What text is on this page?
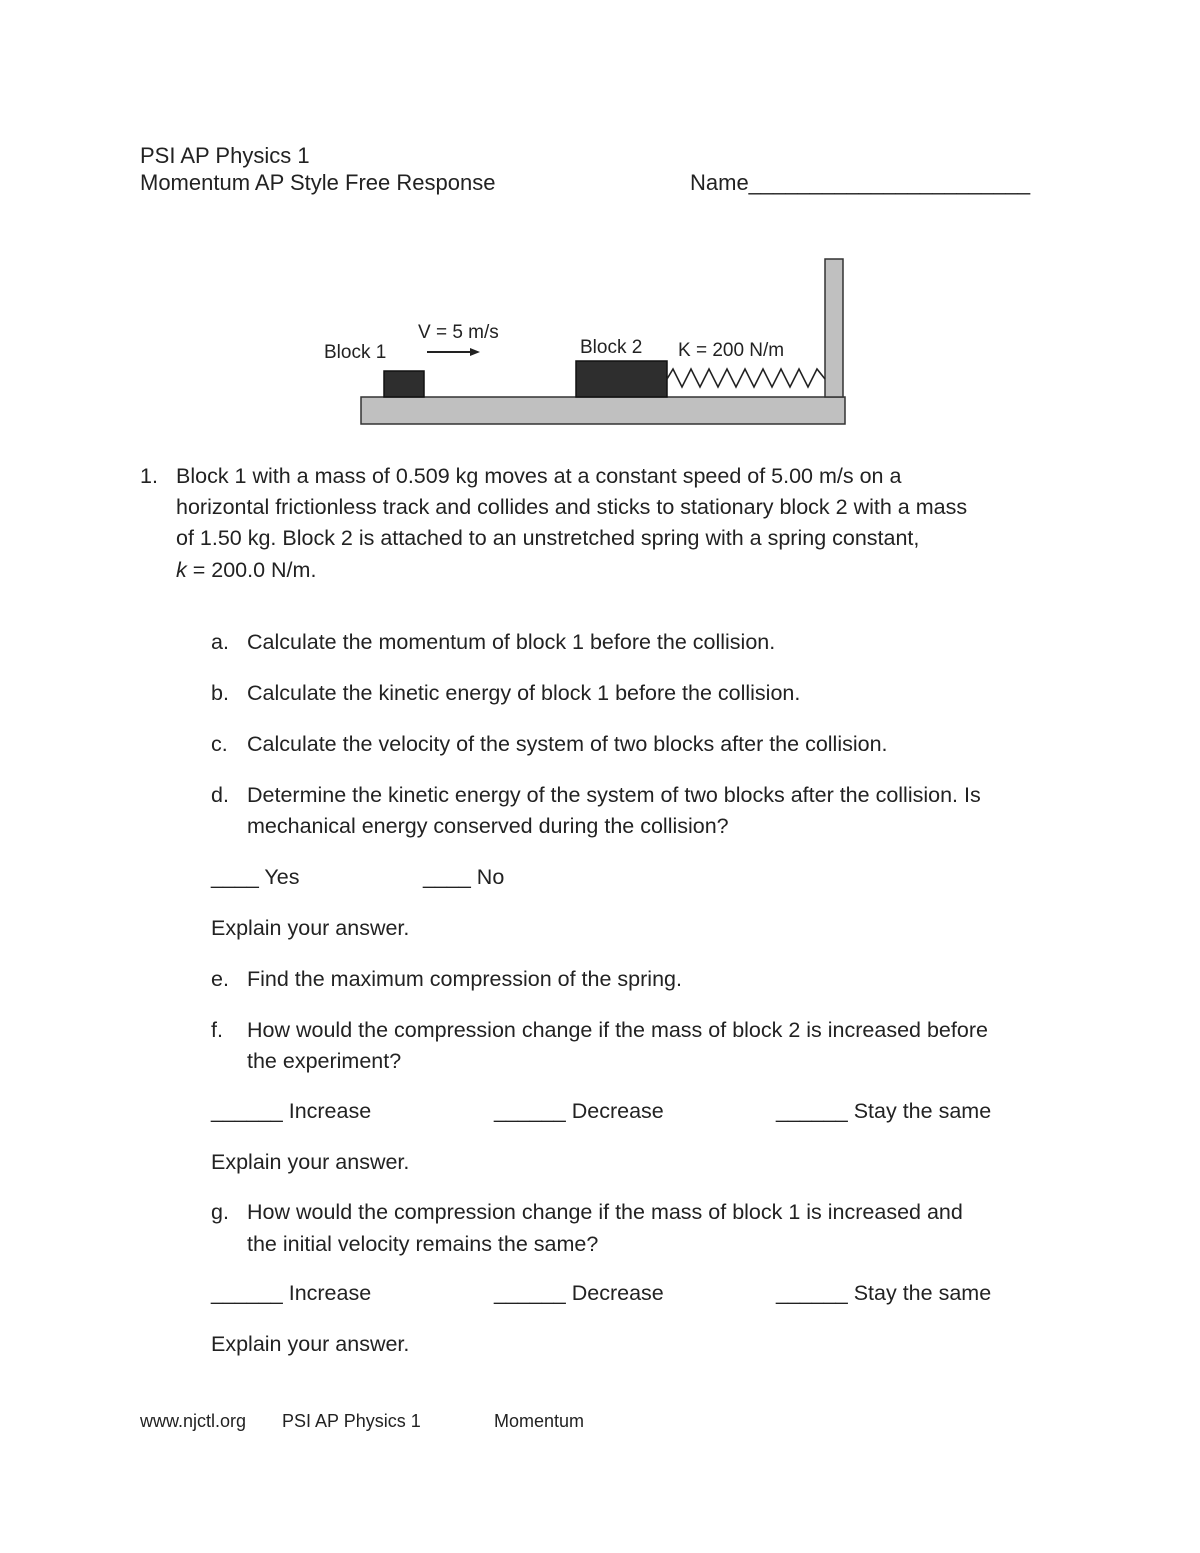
PSI AP Physics 1
Momentum AP Style Free Response	Name_______________________
Block 1
V = 5 m/s
Block 2 K = 200 N/m
1. Block 1 with a mass of 0.509 kg moves at a constant speed of 5.00 m/s on a
horizontal frictionless track and collides and sticks to stationary block 2 with a mass
of 1.50 kg. Block 2 is attached to an unstretched spring with a spring constant,
k = 200.0 N/m.
a. Calculate the momentum of block 1 before the collision.
b. Calculate the kinetic energy of block 1 before the collision.
c. Calculate the velocity of the system of two blocks after the collision.
d. Determine the kinetic energy of the system of two blocks after the collision. Is
mechanical energy conserved during the collision?
____ Yes	____ No
Explain your answer.
e. Find the maximum compression of the spring.
f. How would the compression change if the mass of block 2 is increased before
the experiment?
______ Increase	______ Decrease	______ Stay the same
Explain your answer.
g. How would the compression change if the mass of block 1 is increased and
the initial velocity remains the same?
______ Increase	______ Decrease	______ Stay the same
Explain your answer.
www.njctl.org PSI AP Physics 1	Momentum
